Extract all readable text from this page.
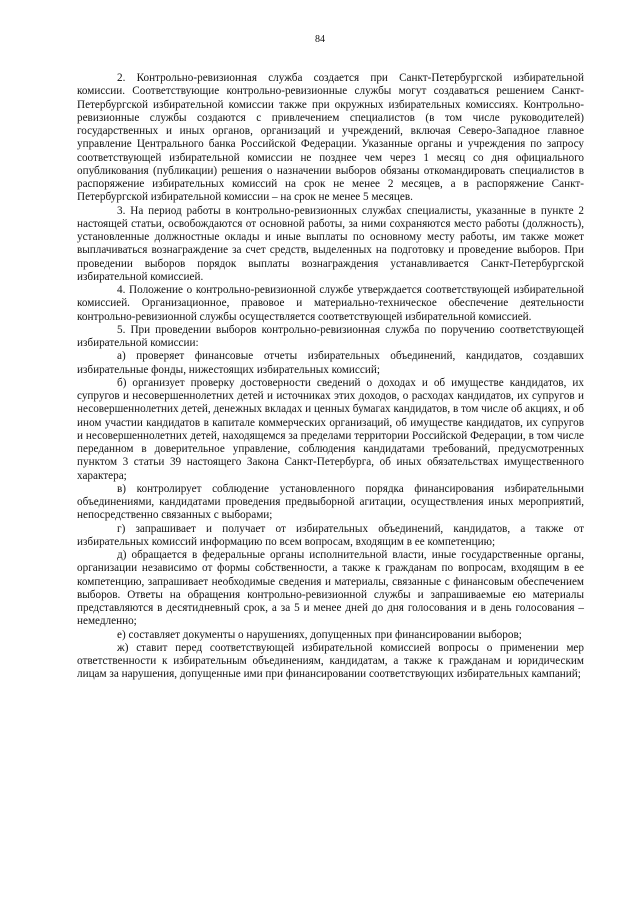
84

2. Контрольно-ревизионная служба создается при Санкт-Петербургской избирательной комиссии. Соответствующие контрольно-ревизионные службы могут создаваться решением Санкт-Петербургской избирательной комиссии также при окружных избирательных комиссиях. Контрольно-ревизионные службы создаются с привлечением специалистов (в том числе руководителей) государственных и иных органов, организаций и учреждений, включая Северо-Западное главное управление Центрального банка Российской Федерации. Указанные органы и учреждения по запросу соответствующей избирательной комиссии не позднее чем через 1 месяц со дня официального опубликования (публикации) решения о назначении выборов обязаны откомандировать специалистов в распоряжение избирательных комиссий на срок не менее 2 месяцев, а в распоряжение Санкт-Петербургской избирательной комиссии – на срок не менее 5 месяцев.

3. На период работы в контрольно-ревизионных службах специалисты, указанные в пункте 2 настоящей статьи, освобождаются от основной работы, за ними сохраняются место работы (должность), установленные должностные оклады и иные выплаты по основному месту работы, им также может выплачиваться вознаграждение за счет средств, выделенных на подготовку и проведение выборов. При проведении выборов порядок выплаты вознаграждения устанавливается Санкт-Петербургской избирательной комиссией.

4. Положение о контрольно-ревизионной службе утверждается соответствующей избирательной комиссией. Организационное, правовое и материально-техническое обеспечение деятельности контрольно-ревизионной службы осуществляется соответствующей избирательной комиссией.

5. При проведении выборов контрольно-ревизионная служба по поручению соответствующей избирательной комиссии:

а) проверяет финансовые отчеты избирательных объединений, кандидатов, создавших избирательные фонды, нижестоящих избирательных комиссий;

б) организует проверку достоверности сведений о доходах и об имуществе кандидатов, их супругов и несовершеннолетних детей и источниках этих доходов, о расходах кандидатов, их супругов и несовершеннолетних детей, денежных вкладах и ценных бумагах кандидатов, в том числе об акциях, и об ином участии кандидатов в капитале коммерческих организаций, об имуществе кандидатов, их супругов и несовершеннолетних детей, находящемся за пределами территории Российской Федерации, в том числе переданном в доверительное управление, соблюдения кандидатами требований, предусмотренных пунктом 3 статьи 39 настоящего Закона Санкт-Петербурга, об иных обязательствах имущественного характера;

в) контролирует соблюдение установленного порядка финансирования избирательными объединениями, кандидатами проведения предвыборной агитации, осуществления иных мероприятий, непосредственно связанных с выборами;

г) запрашивает и получает от избирательных объединений, кандидатов, а также от избирательных комиссий информацию по всем вопросам, входящим в ее компетенцию;

д) обращается в федеральные органы исполнительной власти, иные государственные органы, организации независимо от формы собственности, а также к гражданам по вопросам, входящим в ее компетенцию, запрашивает необходимые сведения и материалы, связанные с финансовым обеспечением выборов. Ответы на обращения контрольно-ревизионной службы и запрашиваемые ею материалы представляются в десятидневный срок, а за 5 и менее дней до дня голосования и в день голосования – немедленно;

е) составляет документы о нарушениях, допущенных при финансировании выборов;

ж) ставит перед соответствующей избирательной комиссией вопросы о применении мер ответственности к избирательным объединениям, кандидатам, а также к гражданам и юридическим лицам за нарушения, допущенные ими при финансировании соответствующих избирательных кампаний;
